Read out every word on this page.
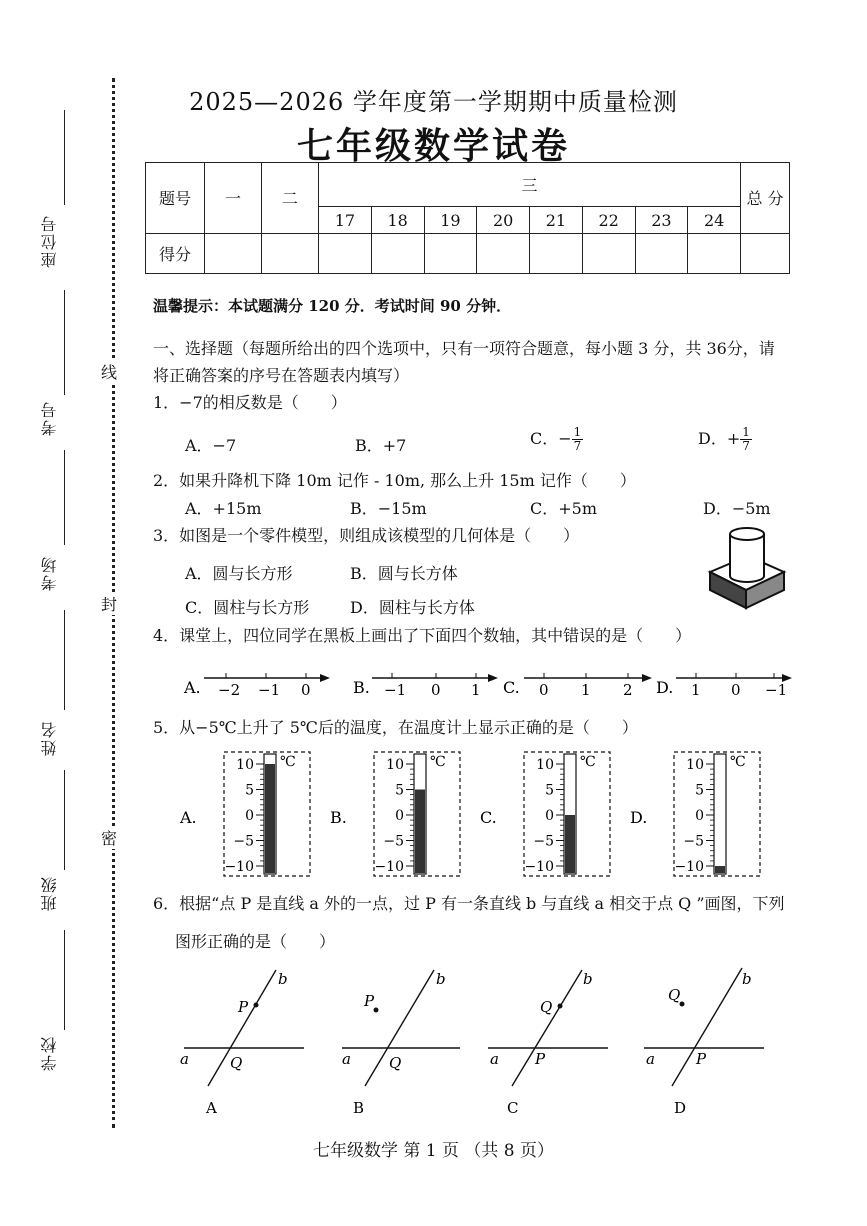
座位号
考号
考场
姓名
班级
学校
线
封
密
2025—2026 学年度第一学期期中质量检测
七年级数学试卷
题号	一	二	三								总 分
			17	18	19	20	21	22	23	24	
得分											
温馨提示：本试题满分 120 分．考试时间 90 分钟．
一、选择题（每题所给出的四个选项中，只有一项符合题意，每小题 3 分，共 36分，请
将正确答案的序号在答题表内填写）
1．−7的相反数是（　　）
A．−7	B．+7	C．− $\frac{1}{7}$	D．+ $\frac{1}{7}$
2．如果升降机下降 10m 记作 - 10m, 那么上升 15m 记作（　　）
A．+15m	B．−15m	C．+5m	D．−5m
3．如图是一个零件模型，则组成该模型的几何体是（　　）
A．圆与长方形	B．圆与长方体
C．圆柱与长方形	D．圆柱与长方体
4．课堂上，四位同学在黑板上画出了下面四个数轴，其中错误的是（　　）
A. −2 −1 0	B. −1 0 1 C. 0 1 2 D. 1 0 −1
5．从−5℃上升了 5℃后的温度，在温度计上显示正确的是（　　）
A.
10
5
0
−5
−10
℃
B.
10
5
0
−5
−10
℃
C.
10
5
0
−5
−10
℃
D.
10
5
0
−5
−10
℃
6．根据“点 P 是直线 a 外的一点，过 P 有一条直线 b 与直线 a 相交于点 Q ”画图，下列
图形正确的是（　　）
P
b
a	Q
A
P
b
a	Q
B
Q
b
a P
C
Q
b
a	P
D
七年级数学 第 1 页 （共 8 页）
